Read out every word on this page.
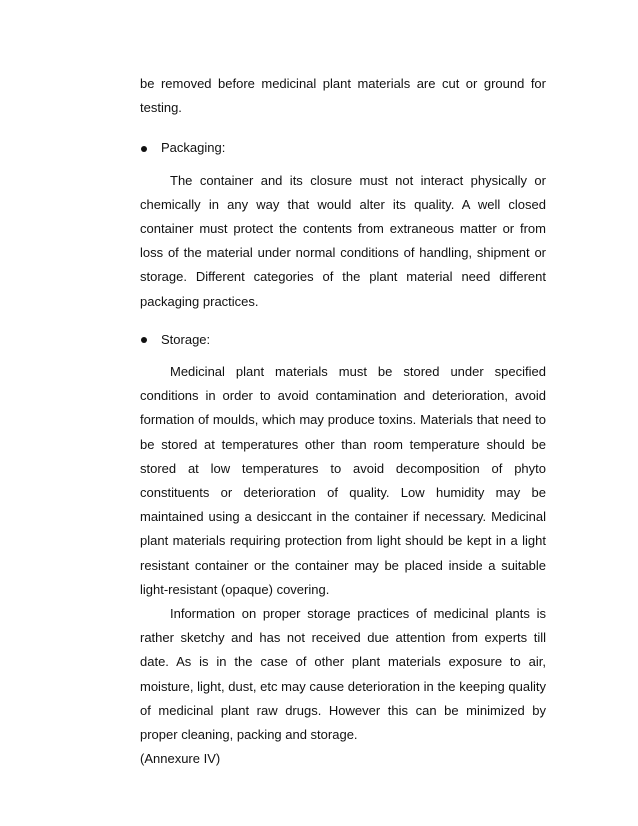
be removed before medicinal plant materials are cut or ground for testing.

Packaging:

The container and its closure must not interact physically or chemically in any way that would alter its quality. A well closed container must protect the contents from extraneous matter or from loss of the material under normal conditions of handling, shipment or storage. Different categories of the plant material need different packaging practices.

Storage:

Medicinal plant materials must be stored under specified conditions in order to avoid contamination and deterioration, avoid formation of moulds, which may produce toxins. Materials that need to be stored at temperatures other than room temperature should be stored at low temperatures to avoid decomposition of phyto constituents or deterioration of quality. Low humidity may be maintained using a desiccant in the container if necessary. Medicinal plant materials requiring protection from light should be kept in a light resistant container or the container may be placed inside a suitable light-resistant (opaque) covering.

Information on proper storage practices of medicinal plants is rather sketchy and has not received due attention from experts till date. As is in the case of other plant materials exposure to air, moisture, light, dust, etc may cause deterioration in the keeping quality of medicinal plant raw drugs. However this can be minimized by proper cleaning, packing and storage.

(Annexure IV)
